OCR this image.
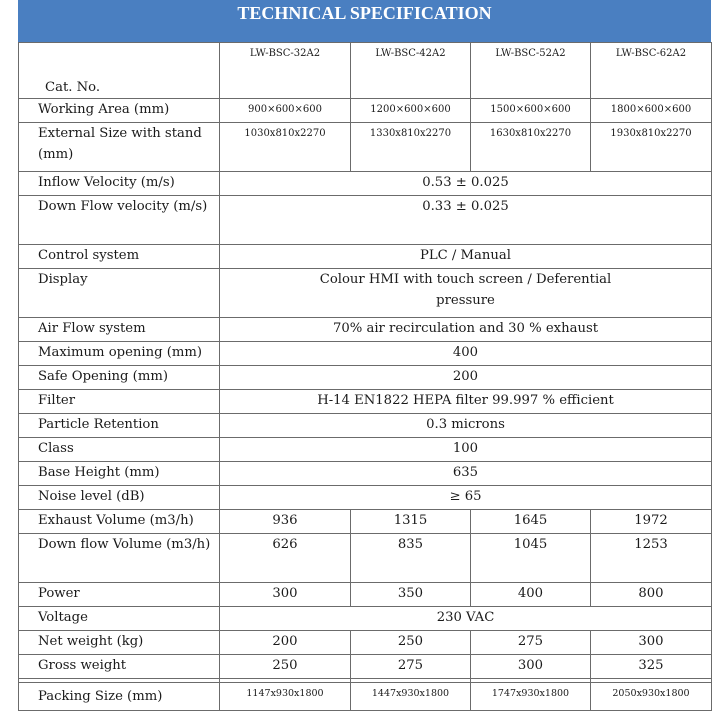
TECHNICAL SPECIFICATION
Cat. No.	LW-BSC-32A2	LW-BSC-42A2	LW-BSC-52A2	LW-BSC-62A2
Working Area (mm)	900×600×600	1200×600×600	1500×600×600	1800×600×600
External Size with stand (mm)	1030x810x2270	1330x810x2270	1630x810x2270	1930x810x2270
Inflow Velocity (m/s)	0.53 ± 0.025			
Down Flow velocity (m/s)	0.33 ± 0.025			
Control system	PLC / Manual			
Display	Colour HMI with touch screen / Deferential pressure			
Air Flow system	70% air recirculation and 30 % exhaust			
Maximum opening (mm)	400			
Safe Opening (mm)	200			
Filter	H-14 EN1822 HEPA filter 99.997 % efficient			
Particle Retention	0.3 microns			
Class	100			
Base Height (mm)	635			
Noise level (dB)	≥ 65			
Exhaust Volume (m3/h)	936	1315	1645	1972
Down flow Volume (m3/h)	626	835	1045	1253
Power	300	350	400	800
Voltage	230 VAC			
Net weight (kg)	200	250	275	300
Gross weight	250	275	300	325

Packing Size (mm)	1147x930x1800	1447x930x1800	1747x930x1800	2050x930x1800
